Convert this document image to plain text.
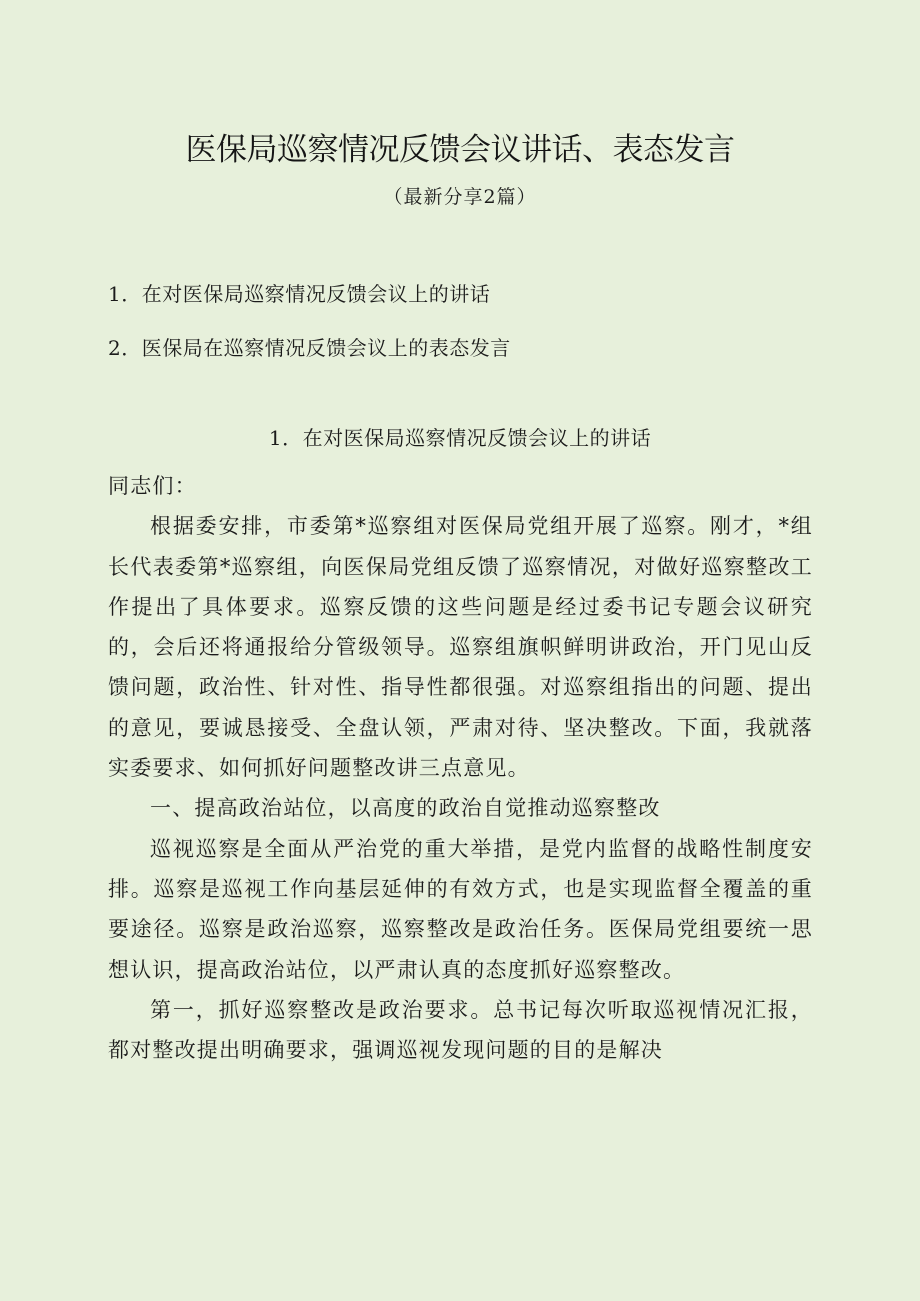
医保局巡察情况反馈会议讲话、表态发言
（最新分享2篇）
1．在对医保局巡察情况反馈会议上的讲话
2．医保局在巡察情况反馈会议上的表态发言
1．在对医保局巡察情况反馈会议上的讲话

同志们：

根据委安排，市委第*巡察组对医保局党组开展了巡察。刚才，*组长代表委第*巡察组，向医保局党组反馈了巡察情况，对做好巡察整改工作提出了具体要求。巡察反馈的这些问题是经过委书记专题会议研究的，会后还将通报给分管级领导。巡察组旗帜鲜明讲政治，开门见山反馈问题，政治性、针对性、指导性都很强。对巡察组指出的问题、提出的意见，要诚恳接受、全盘认领，严肃对待、坚决整改。下面，我就落实委要求、如何抓好问题整改讲三点意见。

一、提高政治站位，以高度的政治自觉推动巡察整改

巡视巡察是全面从严治党的重大举措，是党内监督的战略性制度安排。巡察是巡视工作向基层延伸的有效方式，也是实现监督全覆盖的重要途径。巡察是政治巡察，巡察整改是政治任务。医保局党组要统一思想认识，提高政治站位，以严肃认真的态度抓好巡察整改。

第一，抓好巡察整改是政治要求。总书记每次听取巡视情况汇报，都对整改提出明确要求，强调巡视发现问题的目的是解决
